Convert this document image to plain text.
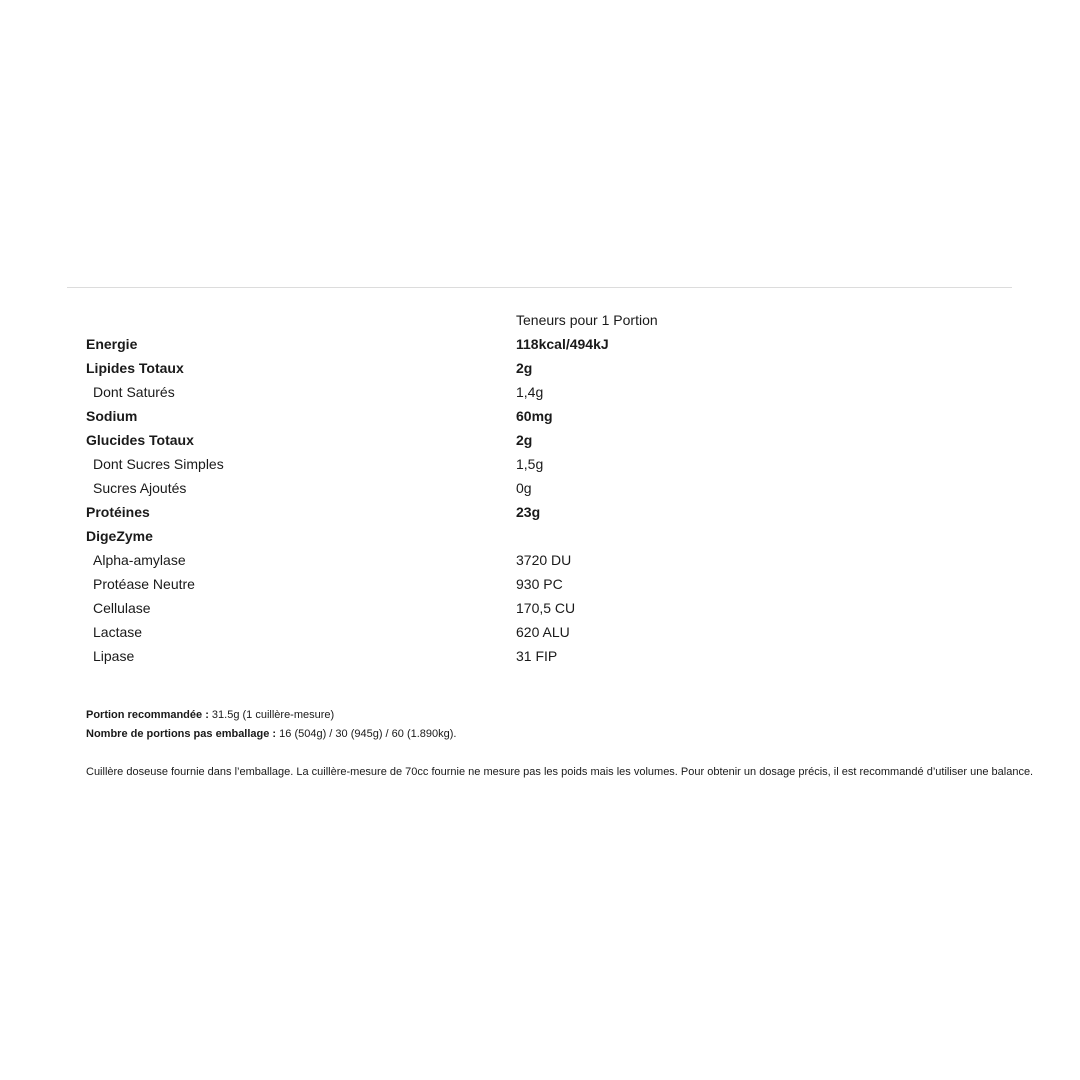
Teneurs pour 1 Portion
Energie	118kcal/494kJ
Lipides Totaux	2g
Dont Saturés	1,4g
Sodium	60mg
Glucides Totaux	2g
Dont Sucres Simples	1,5g
Sucres Ajoutés	0g
Protéines	23g
DigeZyme
Alpha-amylase	3720 DU
Protéase Neutre	930 PC
Cellulase	170,5 CU
Lactase	620 ALU
Lipase	31 FIP
Portion recommandée : 31.5g (1 cuillère-mesure)
Nombre de portions pas emballage : 16 (504g) / 30 (945g) / 60 (1.890kg).
Cuillère doseuse fournie dans l’emballage. La cuillère-mesure de 70cc fournie ne mesure pas les poids mais les volumes. Pour obtenir un dosage précis, il est recommandé d’utiliser une balance.
